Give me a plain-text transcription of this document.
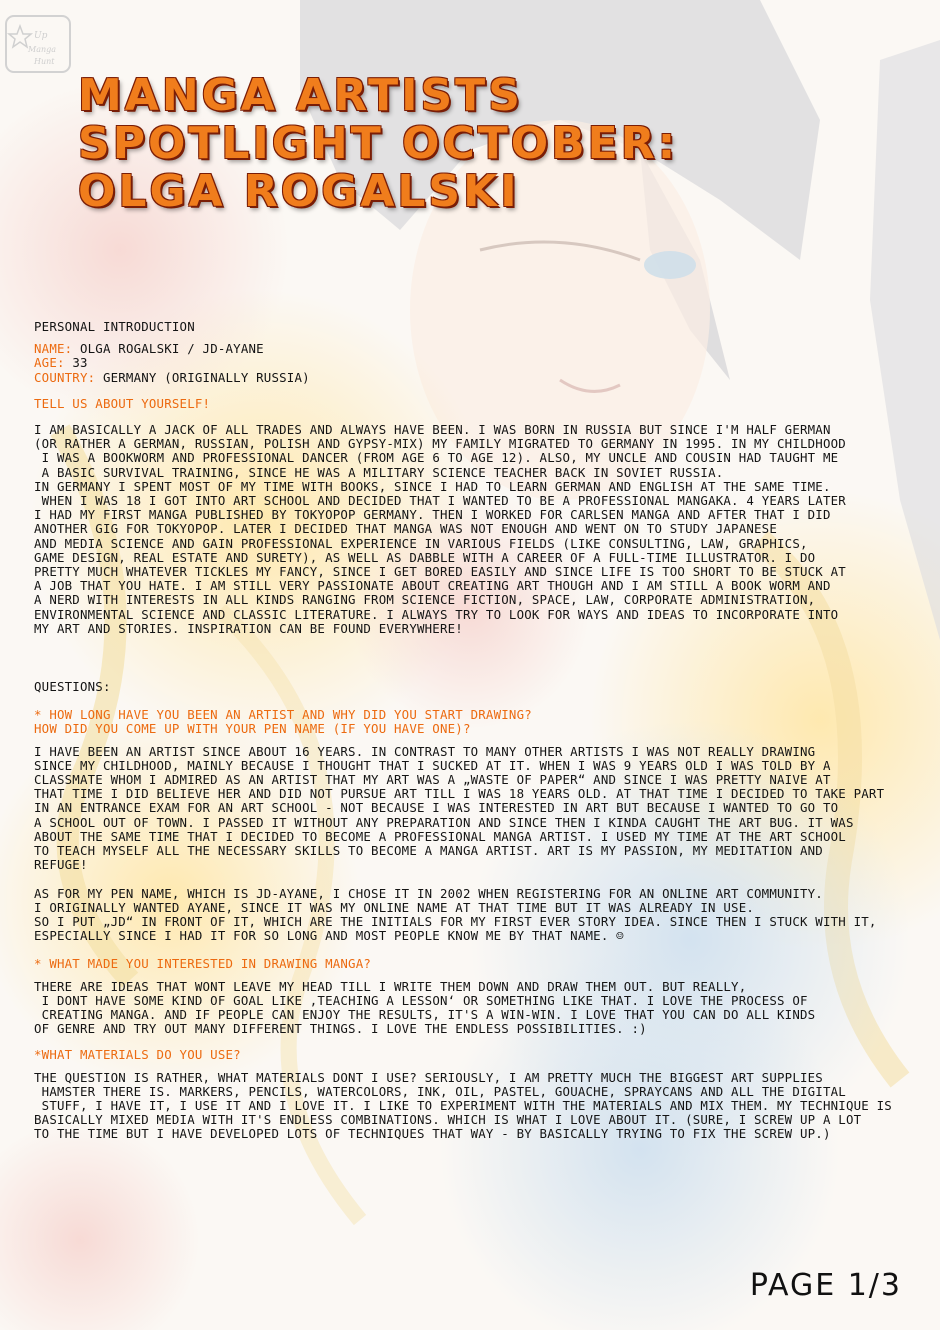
Up
Manga
Hunt
MANGA ARTISTS
SPOTLIGHT OCTOBER:
OLGA ROGALSKI

PERSONAL INTRODUCTION

NAME: OLGA ROGALSKI / JD-AYANE

AGE: 33

COUNTRY: GERMANY (ORIGINALLY RUSSIA)

TELL US ABOUT YOURSELF!

I AM BASICALLY A JACK OF ALL TRADES AND ALWAYS HAVE BEEN. I WAS BORN IN RUSSIA BUT SINCE I'M HALF GERMAN
(OR RATHER A GERMAN, RUSSIAN, POLISH AND GYPSY-MIX) MY FAMILY MIGRATED TO GERMANY IN 1995. IN MY CHILDHOOD
I WAS A BOOKWORM AND PROFESSIONAL DANCER (FROM AGE 6 TO AGE 12). ALSO, MY UNCLE AND COUSIN HAD TAUGHT ME
A BASIC SURVIVAL TRAINING, SINCE HE WAS A MILITARY SCIENCE TEACHER BACK IN SOVIET RUSSIA.
IN GERMANY I SPENT MOST OF MY TIME WITH BOOKS, SINCE I HAD TO LEARN GERMAN AND ENGLISH AT THE SAME TIME.
WHEN I WAS 18 I GOT INTO ART SCHOOL AND DECIDED THAT I WANTED TO BE A PROFESSIONAL MANGAKA. 4 YEARS LATER
I HAD MY FIRST MANGA PUBLISHED BY TOKYOPOP GERMANY. THEN I WORKED FOR CARLSEN MANGA AND AFTER THAT I DID
ANOTHER GIG FOR TOKYOPOP. LATER I DECIDED THAT MANGA WAS NOT ENOUGH AND WENT ON TO STUDY JAPANESE
AND MEDIA SCIENCE AND GAIN PROFESSIONAL EXPERIENCE IN VARIOUS FIELDS (LIKE CONSULTING, LAW, GRAPHICS,
GAME DESIGN, REAL ESTATE AND SURETY), AS WELL AS DABBLE WITH A CAREER OF A FULL-TIME ILLUSTRATOR. I DO
PRETTY MUCH WHATEVER TICKLES MY FANCY, SINCE I GET BORED EASILY AND SINCE LIFE IS TOO SHORT TO BE STUCK AT
A JOB THAT YOU HATE. I AM STILL VERY PASSIONATE ABOUT CREATING ART THOUGH AND I AM STILL A BOOK WORM AND
A NERD WITH INTERESTS IN ALL KINDS RANGING FROM SCIENCE FICTION, SPACE, LAW, CORPORATE ADMINISTRATION,
ENVIRONMENTAL SCIENCE AND CLASSIC LITERATURE. I ALWAYS TRY TO LOOK FOR WAYS AND IDEAS TO INCORPORATE INTO
MY ART AND STORIES. INSPIRATION CAN BE FOUND EVERYWHERE!

QUESTIONS:

* HOW LONG HAVE YOU BEEN AN ARTIST AND WHY DID YOU START DRAWING?

HOW DID YOU COME UP WITH YOUR PEN NAME (IF YOU HAVE ONE)?

I HAVE BEEN AN ARTIST SINCE ABOUT 16 YEARS. IN CONTRAST TO MANY OTHER ARTISTS I WAS NOT REALLY DRAWING
SINCE MY CHILDHOOD, MAINLY BECAUSE I THOUGHT THAT I SUCKED AT IT. WHEN I WAS 9 YEARS OLD I WAS TOLD BY A
CLASSMATE WHOM I ADMIRED AS AN ARTIST THAT MY ART WAS A „WASTE OF PAPER“ AND SINCE I WAS PRETTY NAIVE AT
THAT TIME I DID BELIEVE HER AND DID NOT PURSUE ART TILL I WAS 18 YEARS OLD. AT THAT TIME I DECIDED TO TAKE PART
IN AN ENTRANCE EXAM FOR AN ART SCHOOL - NOT BECAUSE I WAS INTERESTED IN ART BUT BECAUSE I WANTED TO GO TO
A SCHOOL OUT OF TOWN. I PASSED IT WITHOUT ANY PREPARATION AND SINCE THEN I KINDA CAUGHT THE ART BUG. IT WAS
ABOUT THE SAME TIME THAT I DECIDED TO BECOME A PROFESSIONAL MANGA ARTIST. I USED MY TIME AT THE ART SCHOOL
TO TEACH MYSELF ALL THE NECESSARY SKILLS TO BECOME A MANGA ARTIST. ART IS MY PASSION, MY MEDITATION AND
REFUGE!

AS FOR MY PEN NAME, WHICH IS JD-AYANE, I CHOSE IT IN 2002 WHEN REGISTERING FOR AN ONLINE ART COMMUNITY.
I ORIGINALLY WANTED AYANE, SINCE IT WAS MY ONLINE NAME AT THAT TIME BUT IT WAS ALREADY IN USE.
SO I PUT „JD“ IN FRONT OF IT, WHICH ARE THE INITIALS FOR MY FIRST EVER STORY IDEA. SINCE THEN I STUCK WITH IT,
ESPECIALLY SINCE I HAD IT FOR SO LONG AND MOST PEOPLE KNOW ME BY THAT NAME. ☺

* WHAT MADE YOU INTERESTED IN DRAWING MANGA?

THERE ARE IDEAS THAT WONT LEAVE MY HEAD TILL I WRITE THEM DOWN AND DRAW THEM OUT. BUT REALLY,
I DONT HAVE SOME KIND OF GOAL LIKE ‚TEACHING A LESSON‘ OR SOMETHING LIKE THAT. I LOVE THE PROCESS OF
CREATING MANGA. AND IF PEOPLE CAN ENJOY THE RESULTS, IT'S A WIN-WIN. I LOVE THAT YOU CAN DO ALL KINDS
OF GENRE AND TRY OUT MANY DIFFERENT THINGS. I LOVE THE ENDLESS POSSIBILITIES. :)

*WHAT MATERIALS DO YOU USE?

THE QUESTION IS RATHER, WHAT MATERIALS DONT I USE? SERIOUSLY, I AM PRETTY MUCH THE BIGGEST ART SUPPLIES
HAMSTER THERE IS. MARKERS, PENCILS, WATERCOLORS, INK, OIL, PASTEL, GOUACHE, SPRAYCANS AND ALL THE DIGITAL
STUFF, I HAVE IT, I USE IT AND I LOVE IT. I LIKE TO EXPERIMENT WITH THE MATERIALS AND MIX THEM. MY TECHNIQUE IS
BASICALLY MIXED MEDIA WITH IT'S ENDLESS COMBINATIONS. WHICH IS WHAT I LOVE ABOUT IT. (SURE, I SCREW UP A LOT
TO THE TIME BUT I HAVE DEVELOPED LOTS OF TECHNIQUES THAT WAY - BY BASICALLY TRYING TO FIX THE SCREW UP.)

PAGE 1/3
